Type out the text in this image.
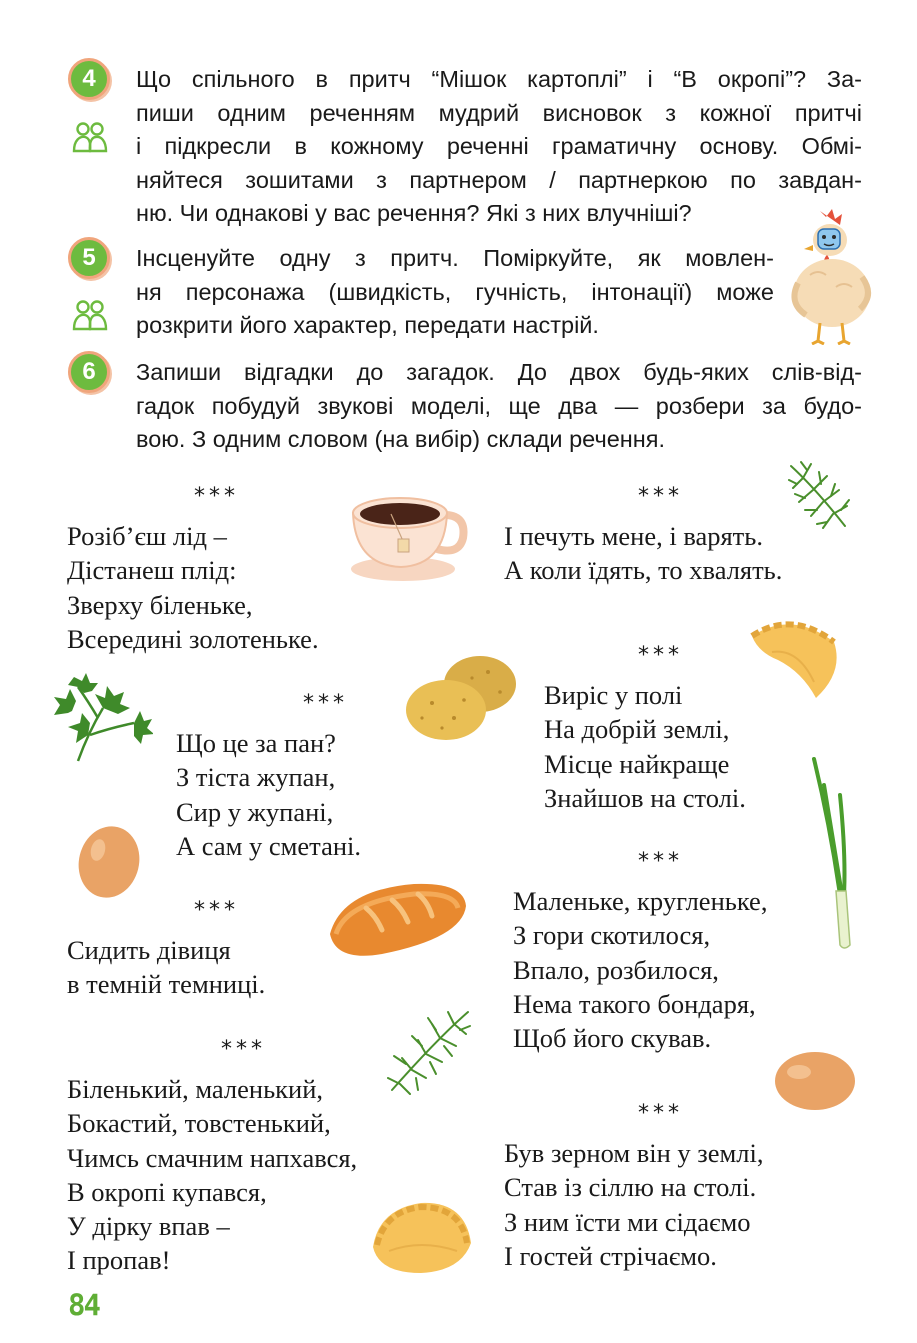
4	Що спільного в притч “Мішок картоплі” і “В окропі”? За-
пиши одним реченням мудрий висновок з кожної притчі
і підкресли в кожному реченні граматичну основу. Обмі-
няйтеся зошитами з партнером / партнеркою по завдан-
ню. Чи однакові у вас речення? Які з них влучніші?
5	Інсценуйте одну з притч. Поміркуйте, як мовлен-
ня персонажа (швидкість, гучність, інтонації) може
розкрити його характер, передати настрій.
6	Запиши відгадки до загадок. До двох будь-яких слів-від-
гадок побудуй звукові моделі, ще два — розбери за будо-
вою. З одним словом (на вибір) склади речення.
***
Розіб’єш лід –
Дістанеш плід:
Зверху біленьке,
Всередині золотеньке.
***
Що це за пан?
З тіста жупан,
Сир у жупані,
А сам у сметані.
***
Сидить дівиця
в темній темниці.
***
Біленький, маленький,
Бокастий, товстенький,
Чимсь смачним напхався,
В окропі купався,
У дірку впав –
І пропав!
***
І печуть мене, і варять.
А коли їдять, то хвалять.
***
Виріс у полі
На добрій землі,
Місце найкраще
Знайшов на столі.
***
Маленьке, кругленьке,
З гори скотилося,
Впало, розбилося,
Нема такого бондаря,
Щоб його скував.
***
Був зерном він у землі,
Став із сіллю на столі.
З ним їсти ми сідаємо
І гостей стрічаємо.
84
